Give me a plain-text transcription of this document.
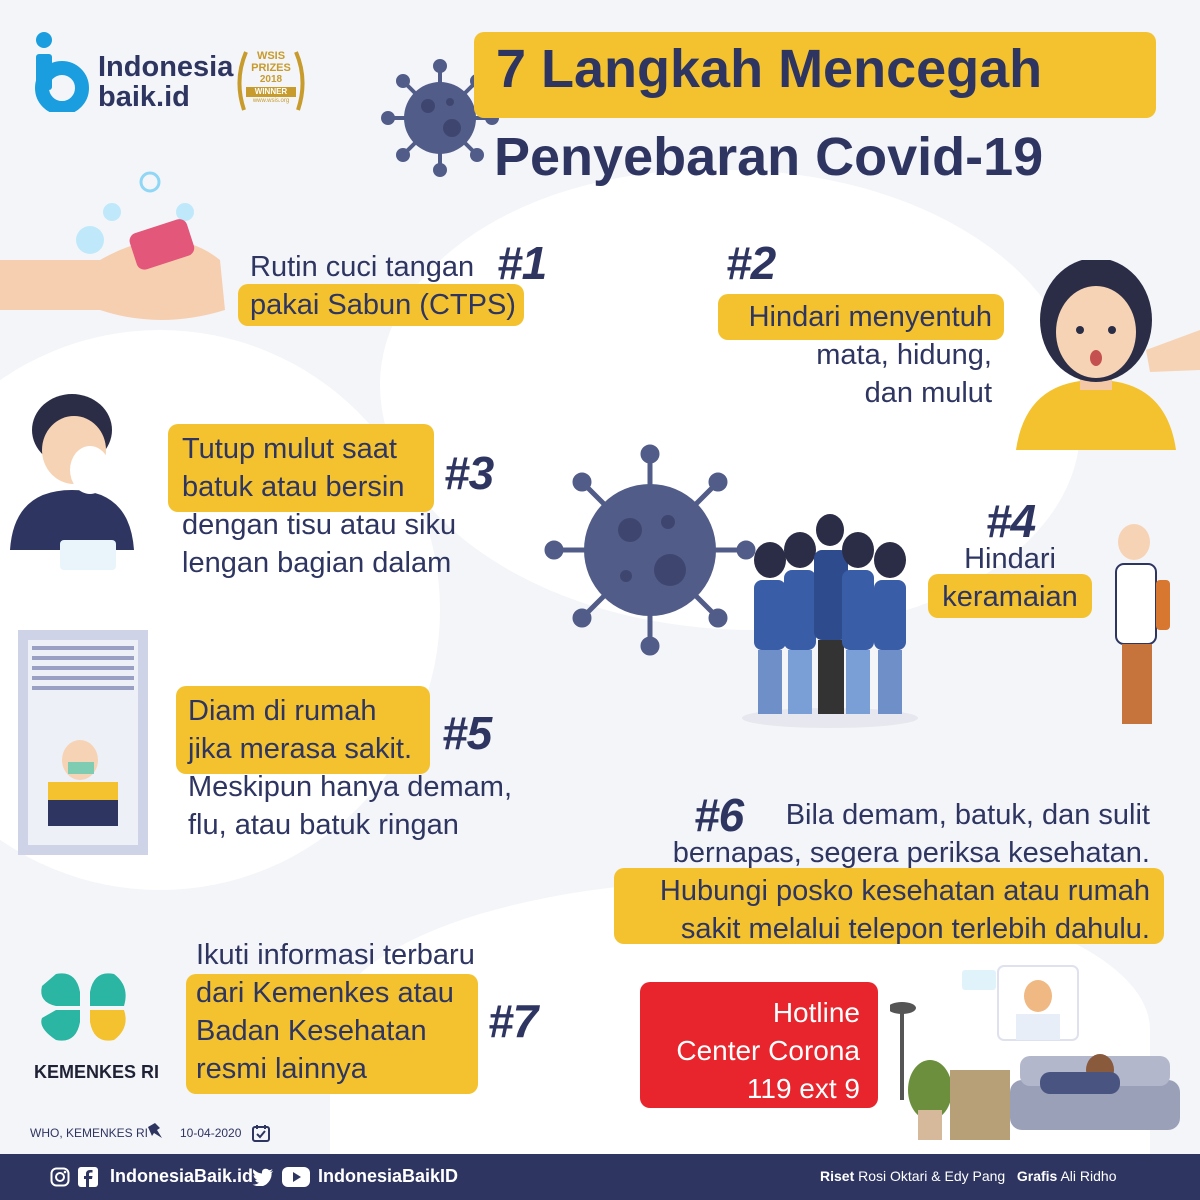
Indonesia
baik.id
WSIS
PRIZES
2018
WINNER
www.wsis.org
7 Langkah Mencegah
Penyebaran Covid-19
Rutin cuci tangan
pakai Sabun (CTPS)
#1	#2
Hindari menyentuh
mata, hidung,
dan mulut
Tutup mulut saat
batuk atau bersin
dengan tisu atau siku
lengan bagian dalam
#3
#4
Hindari
keramaian
Diam di rumah
jika merasa sakit.
Meskipun hanya demam,
flu, atau batuk ringan
#5
#6	Bila demam, batuk, dan sulit
bernapas, segera periksa kesehatan.
Hubungi posko kesehatan atau rumah
sakit melalui telepon terlebih dahulu.
KEMENKES RI
Ikuti informasi terbaru
dari Kemenkes atau
Badan Kesehatan
resmi lainnya
#7	Hotline
Center Corona
119 ext 9
WHO, KEMENKES RI	10-04-2020
IndonesiaBaik.id	IndonesiaBaikID	Riset Rosi Oktari & Edy Pang Grafis Ali Ridho
